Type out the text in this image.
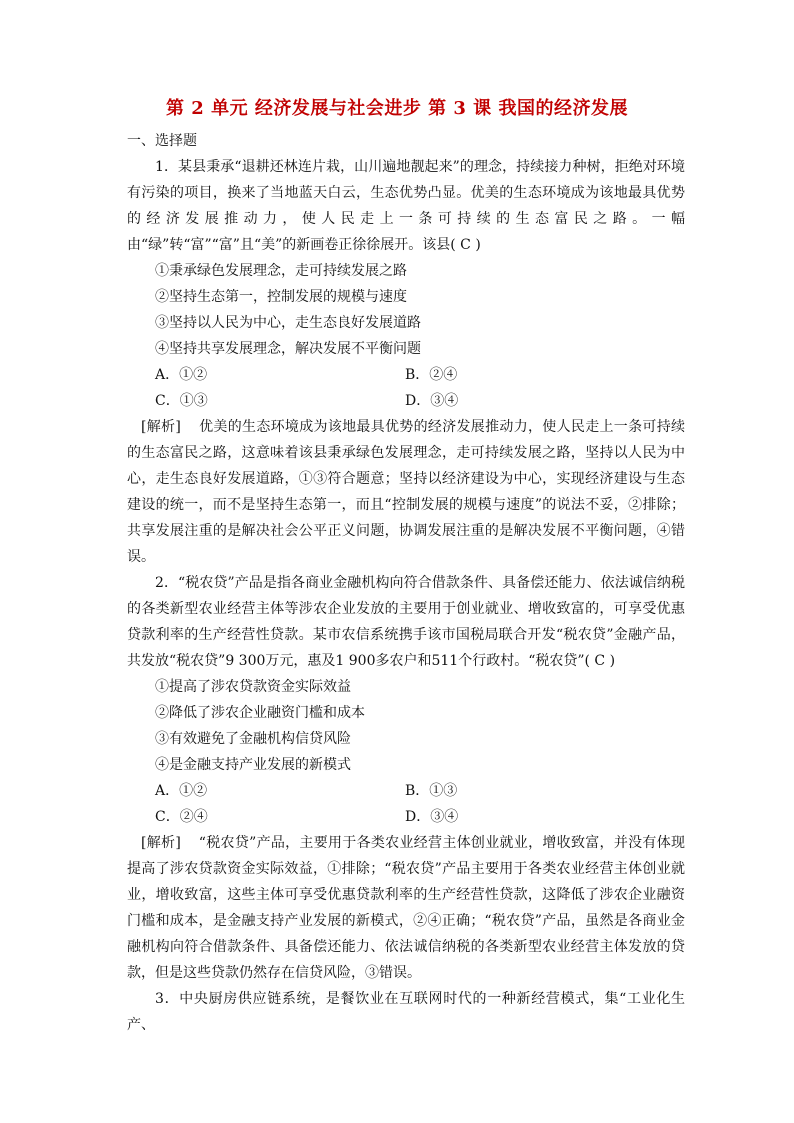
第 2 单元 经济发展与社会进步 第 3 课 我国的经济发展

一、选择题

1．某县秉承“退耕还林连片栽，山川遍地靓起来”的理念，持续接力种树，拒绝对环境有污染的项目，换来了当地蓝天白云，生态优势凸显。优美的生态环境成为该地最具优势的经济发展推动力，使人民走上一条可持续的生态富民之路。一幅由“绿”转“富”“富”且“美”的新画卷正徐徐展开。该县( C )

①秉承绿色发展理念，走可持续发展之路

②坚持生态第一，控制发展的规模与速度

③坚持以人民为中心，走生态良好发展道路

④坚持共享发展理念，解决发展不平衡问题

A．①②	B．②④
C．①③	D．③④

[解析] 优美的生态环境成为该地最具优势的经济发展推动力，使人民走上一条可持续的生态富民之路，这意味着该县秉承绿色发展理念，走可持续发展之路，坚持以人民为中心，走生态良好发展道路，①③符合题意；坚持以经济建设为中心，实现经济建设与生态建设的统一，而不是坚持生态第一，而且“控制发展的规模与速度”的说法不妥，②排除；共享发展注重的是解决社会公平正义问题，协调发展注重的是解决发展不平衡问题，④错误。

2．“税农贷”产品是指各商业金融机构向符合借款条件、具备偿还能力、依法诚信纳税的各类新型农业经营主体等涉农企业发放的主要用于创业就业、增收致富的，可享受优惠贷款利率的生产经营性贷款。某市农信系统携手该市国税局联合开发“税农贷”金融产品，共发放“税农贷”9 300万元，惠及1 900多农户和511个行政村。“税农贷”( C )

①提高了涉农贷款资金实际效益

②降低了涉农企业融资门槛和成本

③有效避免了金融机构信贷风险

④是金融支持产业发展的新模式

A．①②	B．①③
C．②④	D．③④

[解析] “税农贷”产品，主要用于各类农业经营主体创业就业，增收致富，并没有体现提高了涉农贷款资金实际效益，①排除；“税农贷”产品主要用于各类农业经营主体创业就业，增收致富，这些主体可享受优惠贷款利率的生产经营性贷款，这降低了涉农企业融资门槛和成本，是金融支持产业发展的新模式，②④正确；“税农贷”产品，虽然是各商业金融机构向符合借款条件、具备偿还能力、依法诚信纳税的各类新型农业经营主体发放的贷款，但是这些贷款仍然存在信贷风险，③错误。

3．中央厨房供应链系统，是餐饮业在互联网时代的一种新经营模式，集“工业化生产、
